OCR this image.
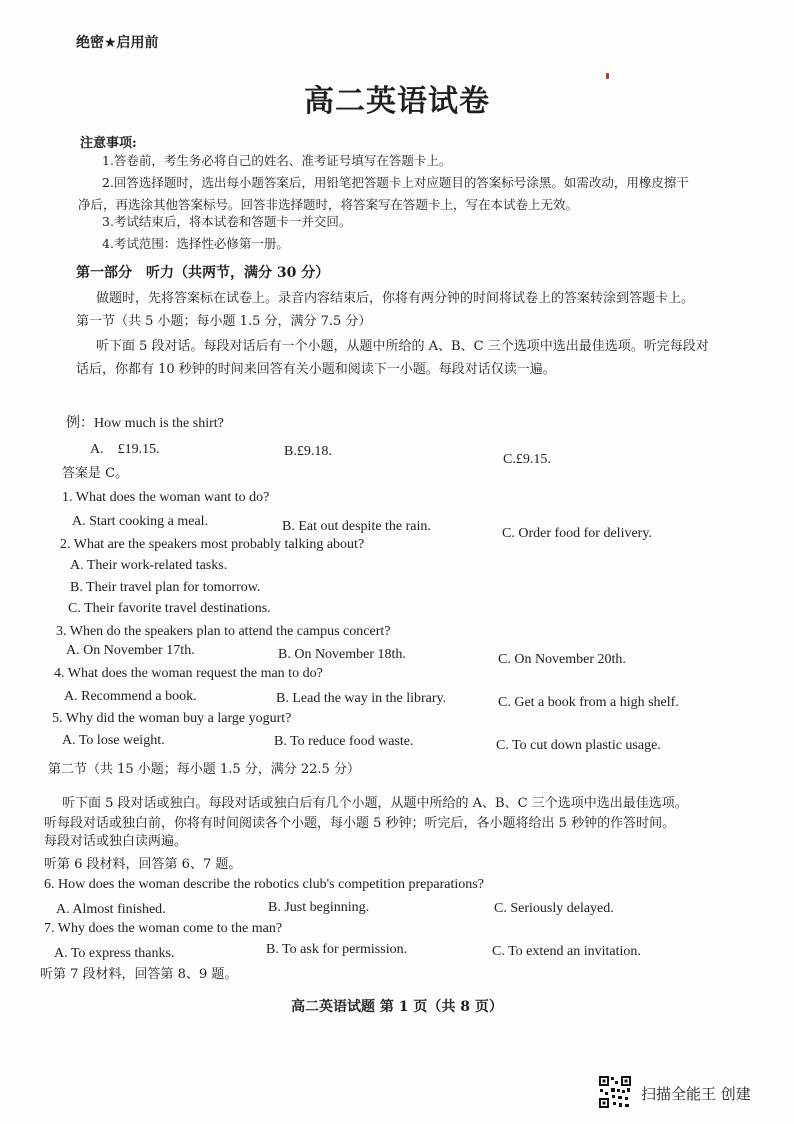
绝密★启用前
高二英语试卷
注意事项:
1.答卷前，考生务必将自己的姓名、准考证号填写在答题卡上。
2.回答选择题时，选出每小题答案后，用铅笔把答题卡上对应题目的答案标号涂黑。如需改动，用橡皮擦干
净后，再选涂其他答案标号。回答非选择题时，将答案写在答题卡上，写在本试卷上无效。
3.考试结束后，将本试卷和答题卡一并交回。
4.考试范围：选择性必修第一册。
第一部分　听力（共两节，满分 30 分）
做题时，先将答案标在试卷上。录音内容结束后，你将有两分钟的时间将试卷上的答案转涂到答题卡上。
第一节（共 5 小题；每小题 1.5 分，满分 7.5 分）
听下面 5 段对话。每段对话后有一个小题，从题中所给的 A、B、C 三个选项中选出最佳选项。听完每段对
话后，你都有 10 秒钟的时间来回答有关小题和阅读下一小题。每段对话仅读一遍。
例：How much is the shirt?
A.　£19.15.	B.£9.18.
C.£9.15.
答案是 C。
1. What does the woman want to do?
A. Start cooking a meal.	B. Eat out despite the rain.	C. Order food for delivery.
2. What are the speakers most probably talking about?
A. Their work-related tasks.
B. Their travel plan for tomorrow.
C. Their favorite travel destinations.
3. When do the speakers plan to attend the campus concert?
A. On November 17th.	B. On November 18th.	C. On November 20th.
4. What does the woman request the man to do?
A. Recommend a book.	B. Lead the way in the library.	C. Get a book from a high shelf.
5. Why did the woman buy a large yogurt?
A. To lose weight.	B. To reduce food waste.	C. To cut down plastic usage.
第二节（共 15 小题；每小题 1.5 分，满分 22.5 分）
听下面 5 段对话或独白。每段对话或独白后有几个小题，从题中所给的 A、B、C 三个选项中选出最佳选项。
听每段对话或独白前，你将有时间阅读各个小题，每小题 5 秒钟；听完后，各小题将给出 5 秒钟的作答时间。
每段对话或独白读两遍。
听第 6 段材料，回答第 6、7 题。
6. How does the woman describe the robotics club's competition preparations?
A. Almost finished.	B. Just beginning.	C. Seriously delayed.
7. Why does the woman come to the man?
A. To express thanks.	B. To ask for permission.	C. To extend an invitation.
听第 7 段材料，回答第 8、9 题。
高二英语试题 第 1 页（共 8 页）
扫描全能王 创建
